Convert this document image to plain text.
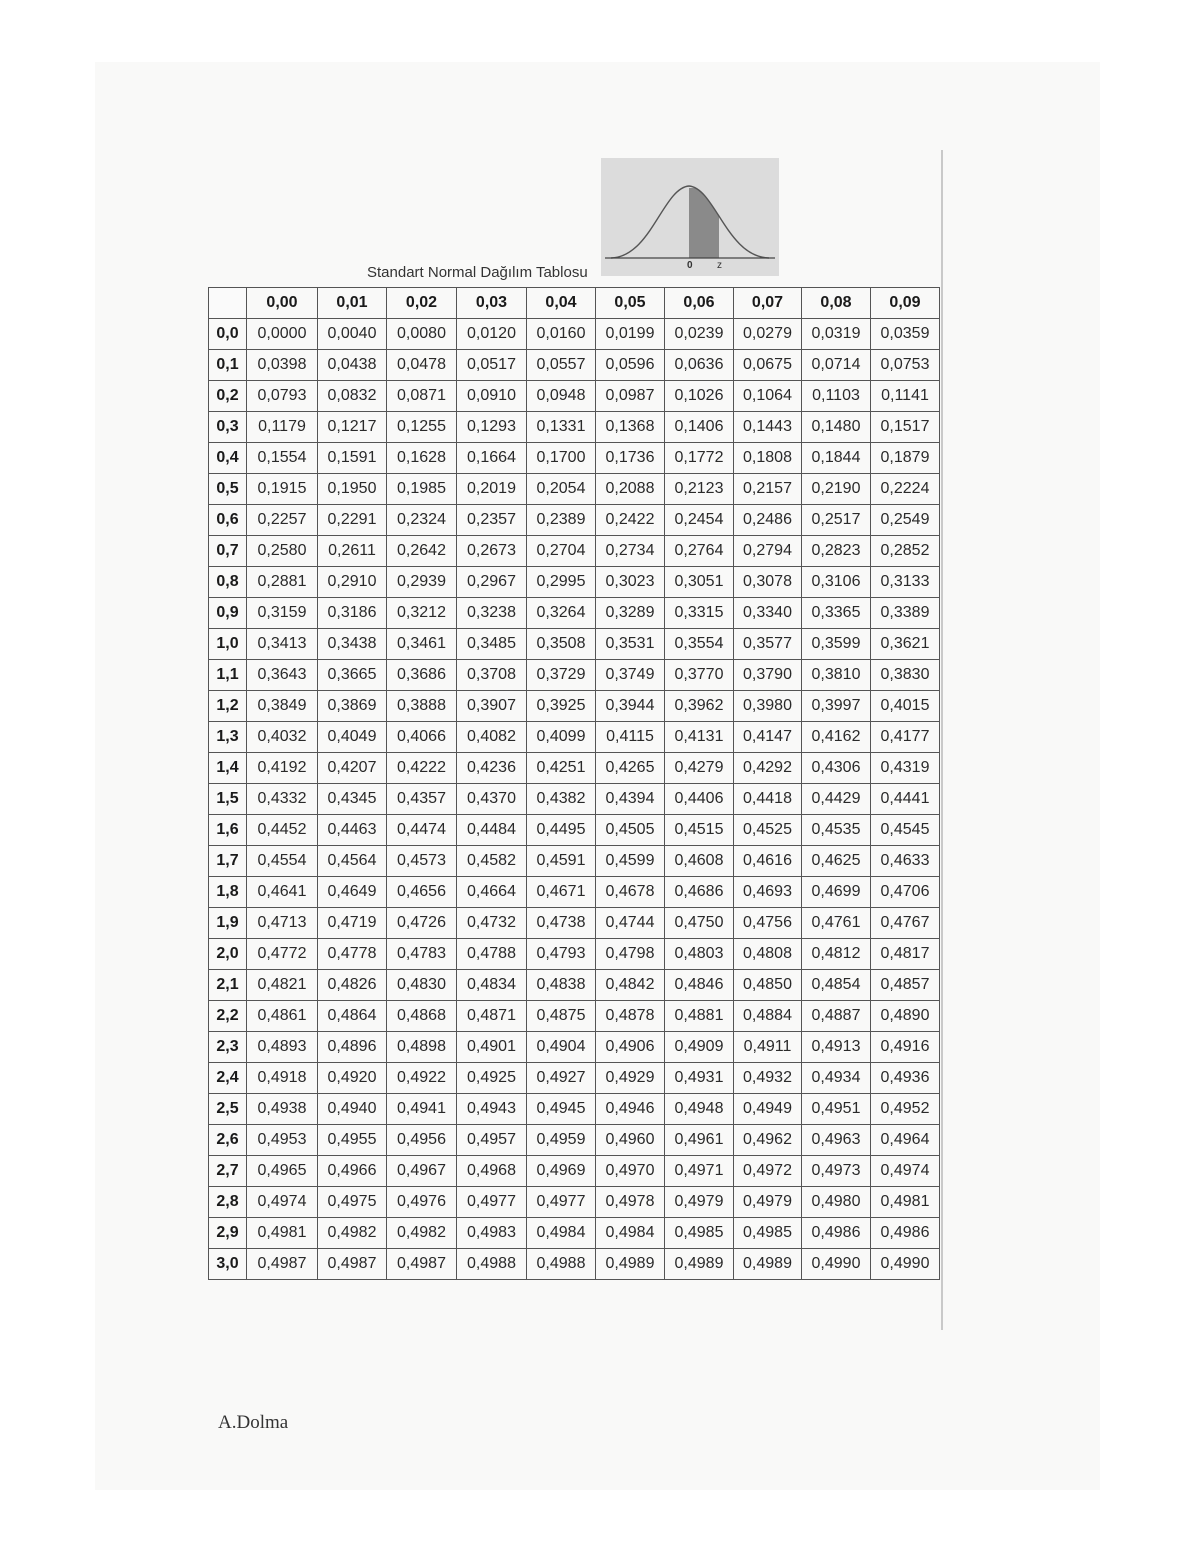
0 z
Standart Normal Dağılım Tablosu
	0,00	0,01	0,02	0,03	0,04	0,05	0,06	0,07	0,08	0,09
0,0	0,0000	0,0040	0,0080	0,0120	0,0160	0,0199	0,0239	0,0279	0,0319	0,0359
0,1	0,0398	0,0438	0,0478	0,0517	0,0557	0,0596	0,0636	0,0675	0,0714	0,0753
0,2	0,0793	0,0832	0,0871	0,0910	0,0948	0,0987	0,1026	0,1064	0,1103	0,1141
0,3	0,1179	0,1217	0,1255	0,1293	0,1331	0,1368	0,1406	0,1443	0,1480	0,1517
0,4	0,1554	0,1591	0,1628	0,1664	0,1700	0,1736	0,1772	0,1808	0,1844	0,1879
0,5	0,1915	0,1950	0,1985	0,2019	0,2054	0,2088	0,2123	0,2157	0,2190	0,2224
0,6	0,2257	0,2291	0,2324	0,2357	0,2389	0,2422	0,2454	0,2486	0,2517	0,2549
0,7	0,2580	0,2611	0,2642	0,2673	0,2704	0,2734	0,2764	0,2794	0,2823	0,2852
0,8	0,2881	0,2910	0,2939	0,2967	0,2995	0,3023	0,3051	0,3078	0,3106	0,3133
0,9	0,3159	0,3186	0,3212	0,3238	0,3264	0,3289	0,3315	0,3340	0,3365	0,3389
1,0	0,3413	0,3438	0,3461	0,3485	0,3508	0,3531	0,3554	0,3577	0,3599	0,3621
1,1	0,3643	0,3665	0,3686	0,3708	0,3729	0,3749	0,3770	0,3790	0,3810	0,3830
1,2	0,3849	0,3869	0,3888	0,3907	0,3925	0,3944	0,3962	0,3980	0,3997	0,4015
1,3	0,4032	0,4049	0,4066	0,4082	0,4099	0,4115	0,4131	0,4147	0,4162	0,4177
1,4	0,4192	0,4207	0,4222	0,4236	0,4251	0,4265	0,4279	0,4292	0,4306	0,4319
1,5	0,4332	0,4345	0,4357	0,4370	0,4382	0,4394	0,4406	0,4418	0,4429	0,4441
1,6	0,4452	0,4463	0,4474	0,4484	0,4495	0,4505	0,4515	0,4525	0,4535	0,4545
1,7	0,4554	0,4564	0,4573	0,4582	0,4591	0,4599	0,4608	0,4616	0,4625	0,4633
1,8	0,4641	0,4649	0,4656	0,4664	0,4671	0,4678	0,4686	0,4693	0,4699	0,4706
1,9	0,4713	0,4719	0,4726	0,4732	0,4738	0,4744	0,4750	0,4756	0,4761	0,4767
2,0	0,4772	0,4778	0,4783	0,4788	0,4793	0,4798	0,4803	0,4808	0,4812	0,4817
2,1	0,4821	0,4826	0,4830	0,4834	0,4838	0,4842	0,4846	0,4850	0,4854	0,4857
2,2	0,4861	0,4864	0,4868	0,4871	0,4875	0,4878	0,4881	0,4884	0,4887	0,4890
2,3	0,4893	0,4896	0,4898	0,4901	0,4904	0,4906	0,4909	0,4911	0,4913	0,4916
2,4	0,4918	0,4920	0,4922	0,4925	0,4927	0,4929	0,4931	0,4932	0,4934	0,4936
2,5	0,4938	0,4940	0,4941	0,4943	0,4945	0,4946	0,4948	0,4949	0,4951	0,4952
2,6	0,4953	0,4955	0,4956	0,4957	0,4959	0,4960	0,4961	0,4962	0,4963	0,4964
2,7	0,4965	0,4966	0,4967	0,4968	0,4969	0,4970	0,4971	0,4972	0,4973	0,4974
2,8	0,4974	0,4975	0,4976	0,4977	0,4977	0,4978	0,4979	0,4979	0,4980	0,4981
2,9	0,4981	0,4982	0,4982	0,4983	0,4984	0,4984	0,4985	0,4985	0,4986	0,4986
3,0	0,4987	0,4987	0,4987	0,4988	0,4988	0,4989	0,4989	0,4989	0,4990	0,4990
A.Dolma
